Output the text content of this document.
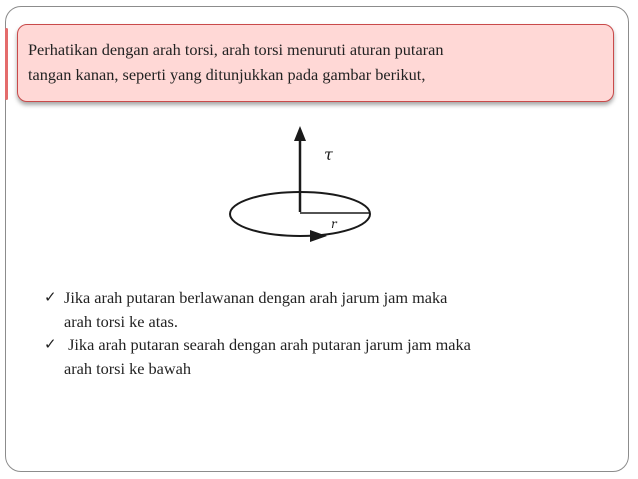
Perhatikan dengan arah torsi, arah torsi menuruti aturan putaran

tangan kanan, seperti yang ditunjukkan pada gambar berikut,

τ
r
✓ Jika arah putaran berlawanan dengan arah jarum jam maka
arah torsi ke atas.
✓ Jika arah putaran searah dengan arah putaran jarum jam maka
arah torsi ke bawah
